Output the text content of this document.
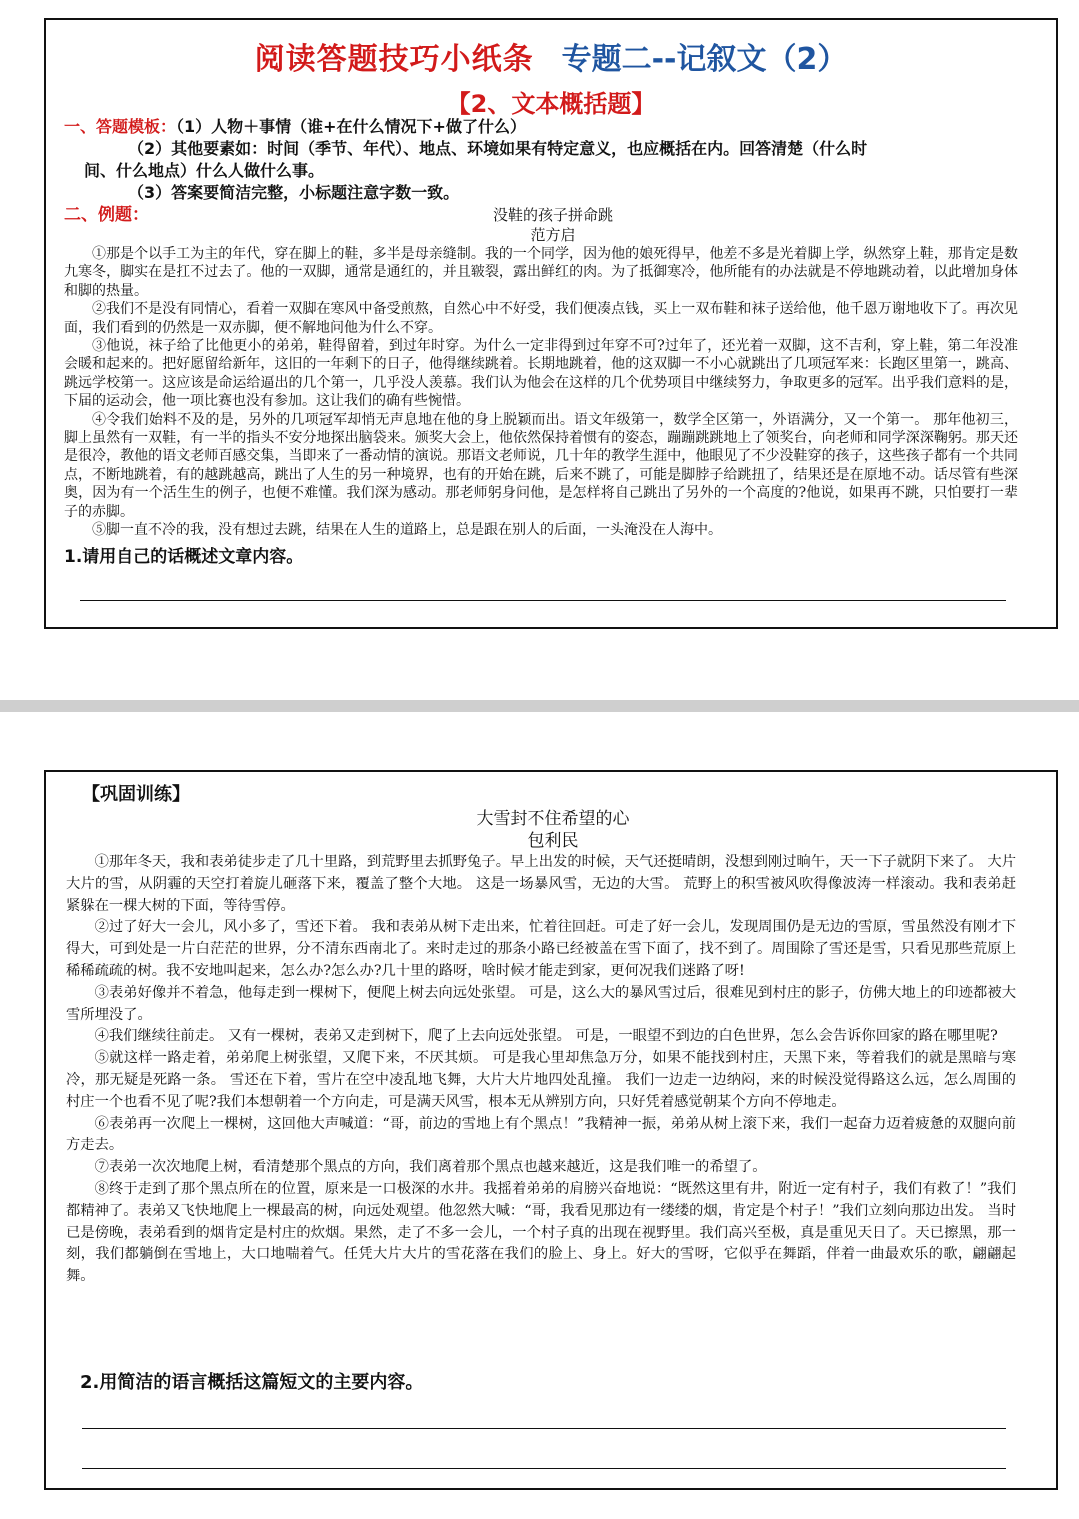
阅读答题技巧小纸条 专题二--记叙文（2）
【2、文本概括题】
一、答题模板：（1）人物＋事情（谁+在什么情况下+做了什么）
（2）其他要素如：时间（季节、年代）、地点、环境如果有特定意义，也应概括在内。回答清楚（什么时
间、什么地点）什么人做什么事。
（3）答案要简洁完整，小标题注意字数一致。
二、例题：	没鞋的孩子拼命跳
范方启

①那是个以手工为主的年代，穿在脚上的鞋，多半是母亲缝制。我的一个同学，因为他的娘死得早，他差不多是光着脚上学，纵然穿上鞋，那肯定是数九寒冬，脚实在是扛不过去了。他的一双脚，通常是通红的，并且皲裂，露出鲜红的肉。为了抵御寒冷，他所能有的办法就是不停地跳动着，以此增加身体和脚的热量。

②我们不是没有同情心，看着一双脚在寒风中备受煎熬，自然心中不好受，我们便凑点钱，买上一双布鞋和袜子送给他，他千恩万谢地收下了。再次见面，我们看到的仍然是一双赤脚，便不解地问他为什么不穿。

③他说，袜子给了比他更小的弟弟，鞋得留着，到过年时穿。为什么一定非得到过年穿不可?过年了，还光着一双脚，这不吉利，穿上鞋，第二年没准会暖和起来的。把好愿留给新年，这旧的一年剩下的日子，他得继续跳着。长期地跳着，他的这双脚一不小心就跳出了几项冠军来：长跑区里第一，跳高、跳远学校第一。这应该是命运给逼出的几个第一，几乎没人羡慕。我们认为他会在这样的几个优势项目中继续努力，争取更多的冠军。出乎我们意料的是，下届的运动会，他一项比赛也没有参加。这让我们的确有些惋惜。

④令我们始料不及的是，另外的几项冠军却悄无声息地在他的身上脱颖而出。语文年级第一，数学全区第一，外语满分，又一个第一。 那年他初三，脚上虽然有一双鞋，有一半的指头不安分地探出脑袋来。颁奖大会上，他依然保持着惯有的姿态，蹦蹦跳跳地上了领奖台，向老师和同学深深鞠躬。那天还是很冷，教他的语文老师百感交集，当即来了一番动情的演说。那语文老师说，几十年的教学生涯中，他眼见了不少没鞋穿的孩子，这些孩子都有一个共同点，不断地跳着，有的越跳越高，跳出了人生的另一种境界，也有的开始在跳，后来不跳了，可能是脚脖子给跳扭了，结果还是在原地不动。话尽管有些深奥，因为有一个活生生的例子，也便不难懂。我们深为感动。那老师躬身问他，是怎样将自己跳出了另外的一个高度的?他说，如果再不跳，只怕要打一辈子的赤脚。

⑤脚一直不冷的我，没有想过去跳，结果在人生的道路上，总是跟在别人的后面，一头淹没在人海中。

1.请用自己的话概述文章内容。
【巩固训练】
大雪封不住希望的心
包利民

①那年冬天，我和表弟徒步走了几十里路，到荒野里去抓野兔子。早上出发的时候，天气还挺晴朗，没想到刚过晌午，天一下子就阴下来了。 大片大片的雪，从阴霾的天空打着旋儿砸落下来，覆盖了整个大地。 这是一场暴风雪，无边的大雪。 荒野上的积雪被风吹得像波涛一样滚动。我和表弟赶紧躲在一棵大树的下面，等待雪停。

②过了好大一会儿，风小多了，雪还下着。 我和表弟从树下走出来，忙着往回赶。可走了好一会儿，发现周围仍是无边的雪原，雪虽然没有刚才下得大，可到处是一片白茫茫的世界，分不清东西南北了。来时走过的那条小路已经被盖在雪下面了，找不到了。周围除了雪还是雪，只看见那些荒原上稀稀疏疏的树。我不安地叫起来，怎么办?怎么办?几十里的路呀，啥时候才能走到家，更何况我们迷路了呀!

③表弟好像并不着急，他每走到一棵树下，便爬上树去向远处张望。 可是，这么大的暴风雪过后，很难见到村庄的影子，仿佛大地上的印迹都被大雪所埋没了。

④我们继续往前走。 又有一棵树，表弟又走到树下，爬了上去向远处张望。 可是，一眼望不到边的白色世界，怎么会告诉你回家的路在哪里呢?

⑤就这样一路走着，弟弟爬上树张望，又爬下来，不厌其烦。 可是我心里却焦急万分，如果不能找到村庄，天黑下来，等着我们的就是黑暗与寒冷，那无疑是死路一条。 雪还在下着，雪片在空中凌乱地飞舞，大片大片地四处乱撞。 我们一边走一边纳闷，来的时候没觉得路这么远，怎么周围的村庄一个也看不见了呢?我们本想朝着一个方向走，可是满天风雪，根本无从辨别方向，只好凭着感觉朝某个方向不停地走。

⑥表弟再一次爬上一棵树，这回他大声喊道：“哥，前边的雪地上有个黑点！”我精神一振，弟弟从树上滚下来，我们一起奋力迈着疲惫的双腿向前方走去。

⑦表弟一次次地爬上树，看清楚那个黑点的方向，我们离着那个黑点也越来越近，这是我们唯一的希望了。

⑧终于走到了那个黑点所在的位置，原来是一口极深的水井。我摇着弟弟的肩膀兴奋地说：“既然这里有井，附近一定有村子，我们有救了！”我们都精神了。表弟又飞快地爬上一棵最高的树，向远处观望。他忽然大喊：“哥，我看见那边有一缕缕的烟，肯定是个村子！”我们立刻向那边出发。 当时已是傍晚，表弟看到的烟肯定是村庄的炊烟。果然，走了不多一会儿，一个村子真的出现在视野里。我们高兴至极，真是重见天日了。天已擦黑，那一刻，我们都躺倒在雪地上，大口地喘着气。任凭大片大片的雪花落在我们的脸上、身上。好大的雪呀，它似乎在舞蹈，伴着一曲最欢乐的歌，翩翩起舞。

2.用简洁的语言概括这篇短文的主要内容。
